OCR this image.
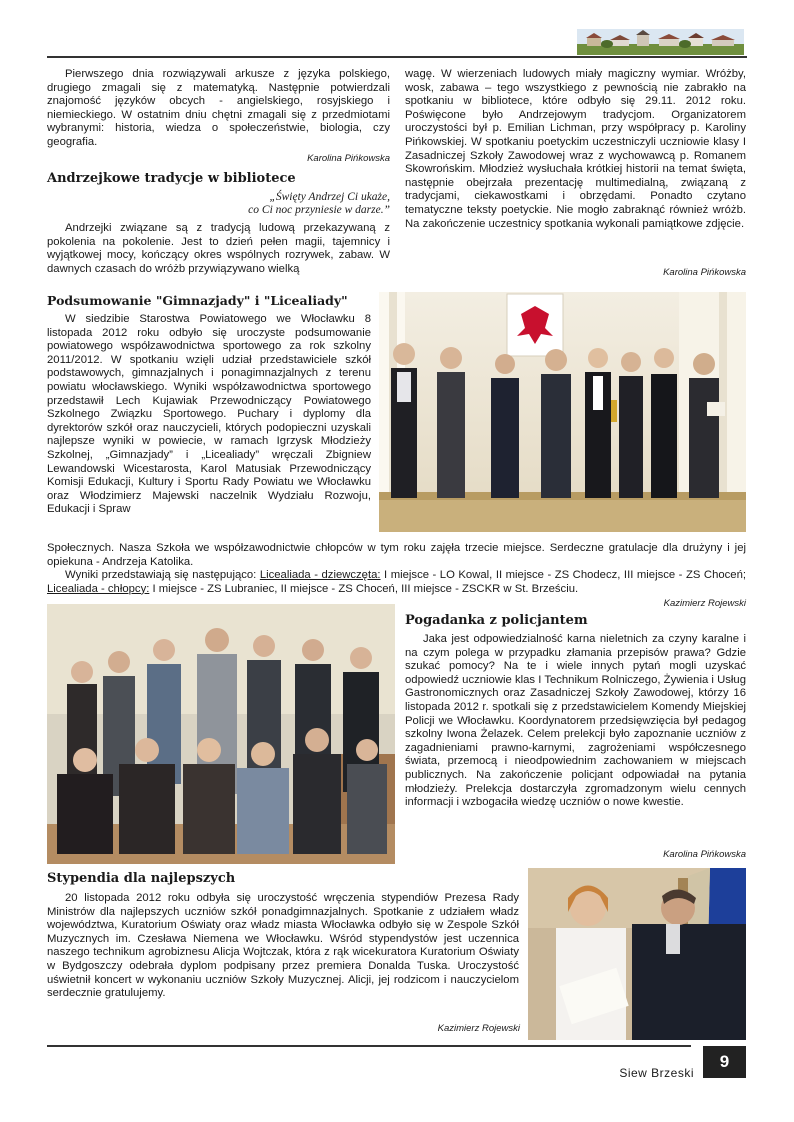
Pierwszego dnia rozwiązywali arkusze z języka polskiego, drugiego zmagali się z matematyką. Następnie potwierdzali znajomość języków obcych - angielskiego, rosyjskiego i niemieckiego. W ostatnim dniu chętni zmagali się z przedmiotami wybranymi: historia, wiedza o społeczeństwie, biologia, czy geografia.

Karolina Pińkowska

Andrzejkowe tradycje w bibliotece

„Święty Andrzej Ci ukaże,

co Ci noc przyniesie w darze.”

Andrzejki związane są z tradycją ludową przekazywaną z pokolenia na pokolenie. Jest to dzień pełen magii, tajemnicy i wyjątkowej mocy, kończący okres wspólnych rozrywek, zabaw. W dawnych czasach do wróżb przywiązywano wielką

wagę. W wierzeniach ludowych miały magiczny wymiar. Wróżby, wosk, zabawa – tego wszystkiego z pewnością nie zabrakło na spotkaniu w bibliotece, które odbyło się 29.11. 2012 roku. Poświęcone było Andrzejowym tradycjom. Organizatorem uroczystości był p. Emilian Lichman, przy współpracy p. Karoliny Pińkowskiej. W spotkaniu poetyckim uczestniczyli uczniowie klasy I Zasadniczej Szkoły Zawodowej wraz z wychowawcą p. Romanem Skowrońskim. Młodzież wysłuchała krótkiej historii na temat święta, następnie obejrzała prezentację multimedialną, związaną z tradycjami, ciekawostkami i obrzędami. Ponadto czytano tematyczne teksty poetyckie. Nie mogło zabraknąć również wróżb. Na zakończenie uczestnicy spotkania wykonali pamiątkowe zdjęcie.

Karolina Pińkowska

Podsumowanie "Gimnazjady" i "Licealiady"

W siedzibie Starostwa Powiatowego we Włocławku 8 listopada 2012 roku odbyło się uroczyste podsumowanie powiatowego współzawodnictwa sportowego za rok szkolny 2011/2012. W spotkaniu wzięli udział przedstawiciele szkół podstawowych, gimnazjalnych i ponagimnazjalnych z terenu powiatu włocławskiego. Wyniki współzawodnictwa sportowego przedstawił Lech Kujawiak Przewodniczący Powiatowego Szkolnego Związku Sportowego. Puchary i dyplomy dla dyrektorów szkół oraz nauczycieli, których podopieczni uzyskali najlepsze wyniki w powiecie, w ramach Igrzysk Młodzieży Szkolnej, „Gimnazjady” i „Licealiady” wręczali Zbigniew Lewandowski Wicestarosta, Karol Matusiak Przewodniczący Komisji Edukacji, Kultury i Sportu Rady Powiatu we Włocławku oraz Włodzimierz Majewski naczelnik Wydziału Rozwoju, Edukacji i Spraw

Społecznych. Nasza Szkoła we współzawodnictwie chłopców w tym roku zajęła trzecie miejsce. Serdeczne gratulacje dla drużyny i jej opiekuna - Andrzeja Katolika.

Wyniki przedstawiają się następująco: Licealiada - dziewczęta: I miejsce - LO Kowal, II miejsce - ZS Chodecz, III miejsce - ZS Choceń; Licealiada - chłopcy: I miejsce - ZS Lubraniec, II miejsce - ZS Choceń, III miejsce - ZSCKR w St. Brześciu.

Kazimierz Rojewski

Pogadanka z policjantem

Jaka jest odpowiedzialność karna nieletnich za czyny karalne i na czym polega w przypadku złamania przepisów prawa? Gdzie szukać pomocy? Na te i wiele innych pytań mogli uzyskać odpowiedź uczniowie klas I Technikum Rolniczego, Żywienia i Usług Gastronomicznych oraz Zasadniczej Szkoły Zawodowej, którzy 16 listopada 2012 r. spotkali się z przedstawicielem Komendy Miejskiej Policji we Włocławku. Koordynatorem przedsięwzięcia był pedagog szkolny Iwona Żelazek. Celem prelekcji było zapoznanie uczniów z zagadnieniami prawno-karnymi, zagrożeniami współczesnego świata, przemocą i nieodpowiednim zachowaniem w miejscach publicznych. Na zakończenie policjant odpowiadał na pytania młodzieży. Prelekcja dostarczyła zgromadzonym wielu cennych informacji i wzbogaciła wiedzę uczniów o nowe kwestie.

Karolina Pińkowska

Stypendia dla najlepszych

20 listopada 2012 roku odbyła się uroczystość wręczenia stypendiów Prezesa Rady Ministrów dla najlepszych uczniów szkół ponadgimnazjalnych. Spotkanie z udziałem władz województwa, Kuratorium Oświaty oraz władz miasta Włocławka odbyło się w Zespole Szkół Muzycznych im. Czesława Niemena we Włocławku. Wśród stypendystów jest uczennica naszego technikum agrobiznesu Alicja Wojtczak, która z rąk wicekuratora Kuratorium Oświaty w Bydgoszczy odebrała dyplom podpisany przez premiera Donalda Tuska. Uroczystość uświetnił koncert w wykonaniu uczniów Szkoły Muzycznej. Alicji, jej rodzicom i nauczycielom serdecznie gratulujemy.

Kazimierz Rojewski

Siew Brzeski

9
